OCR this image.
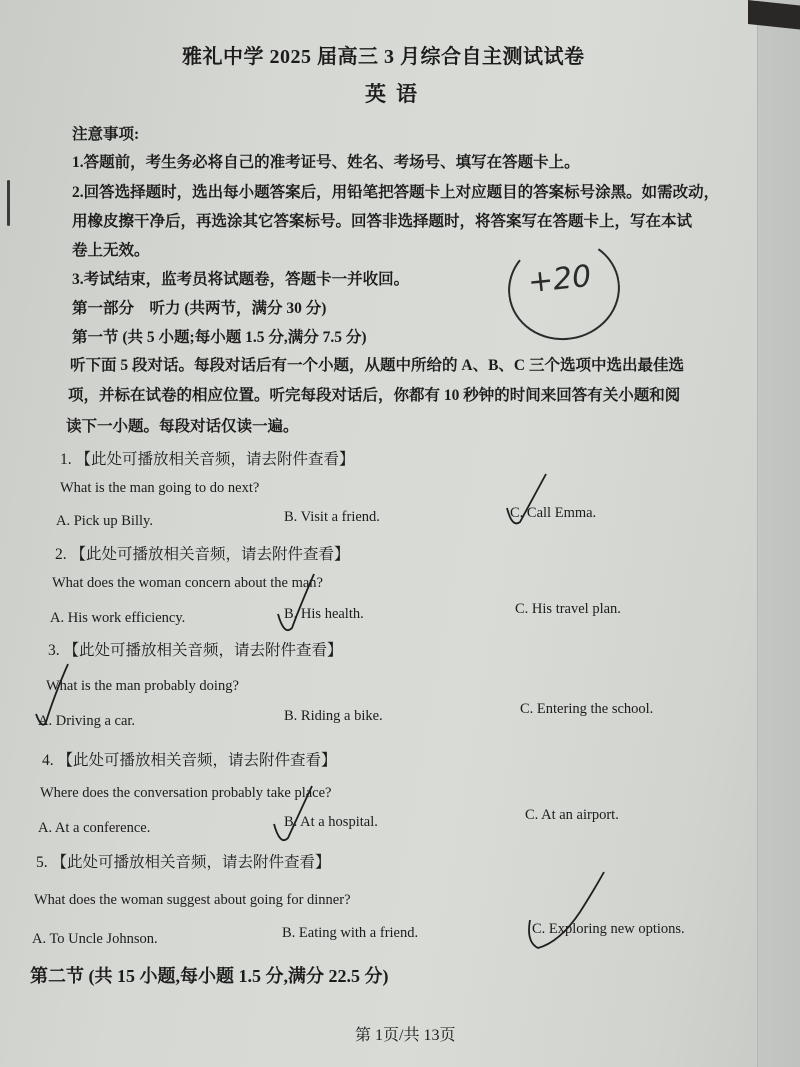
雅礼中学 2025 届高三 3 月综合自主测试试卷
英语
注意事项:
1.答题前，考生务必将自己的准考证号、姓名、考场号、填写在答题卡上。
2.回答选择题时，选出每小题答案后，用铅笔把答题卡上对应题目的答案标号涂黑。如需改动，
用橡皮擦干净后，再选涂其它答案标号。回答非选择题时，将答案写在答题卡上，写在本试
卷上无效。
3.考试结束，监考员将试题卷，答题卡一并收回。	+20
第一部分　听力 (共两节，满分 30 分)
第一节 (共 5 小题;每小题 1.5 分,满分 7.5 分)
听下面 5 段对话。每段对话后有一个小题，从题中所给的 A、B、C 三个选项中选出最佳选
项，并标在试卷的相应位置。听完每段对话后，你都有 10 秒钟的时间来回答有关小题和阅
读下一小题。每段对话仅读一遍。
1. 【此处可播放相关音频，请去附件查看】
What is the man going to do next?
A. Pick up Billy.	B. Visit a friend.	C. Call Emma.
2. 【此处可播放相关音频，请去附件查看】
What does the woman concern about the man?
A. His work efficiency.	B. His health.	C. His travel plan.
3. 【此处可播放相关音频，请去附件查看】
What is the man probably doing?
A. Driving a car.	B. Riding a bike.	C. Entering the school.
4. 【此处可播放相关音频，请去附件查看】
Where does the conversation probably take place?
A. At a conference.	B. At a hospital.	C. At an airport.
5. 【此处可播放相关音频，请去附件查看】
What does the woman suggest about going for dinner?
A. To Uncle Johnson.	B. Eating with a friend.	C. Exploring new options.
第二节 (共 15 小题,每小题 1.5 分,满分 22.5 分)
第 1页/共 13页
